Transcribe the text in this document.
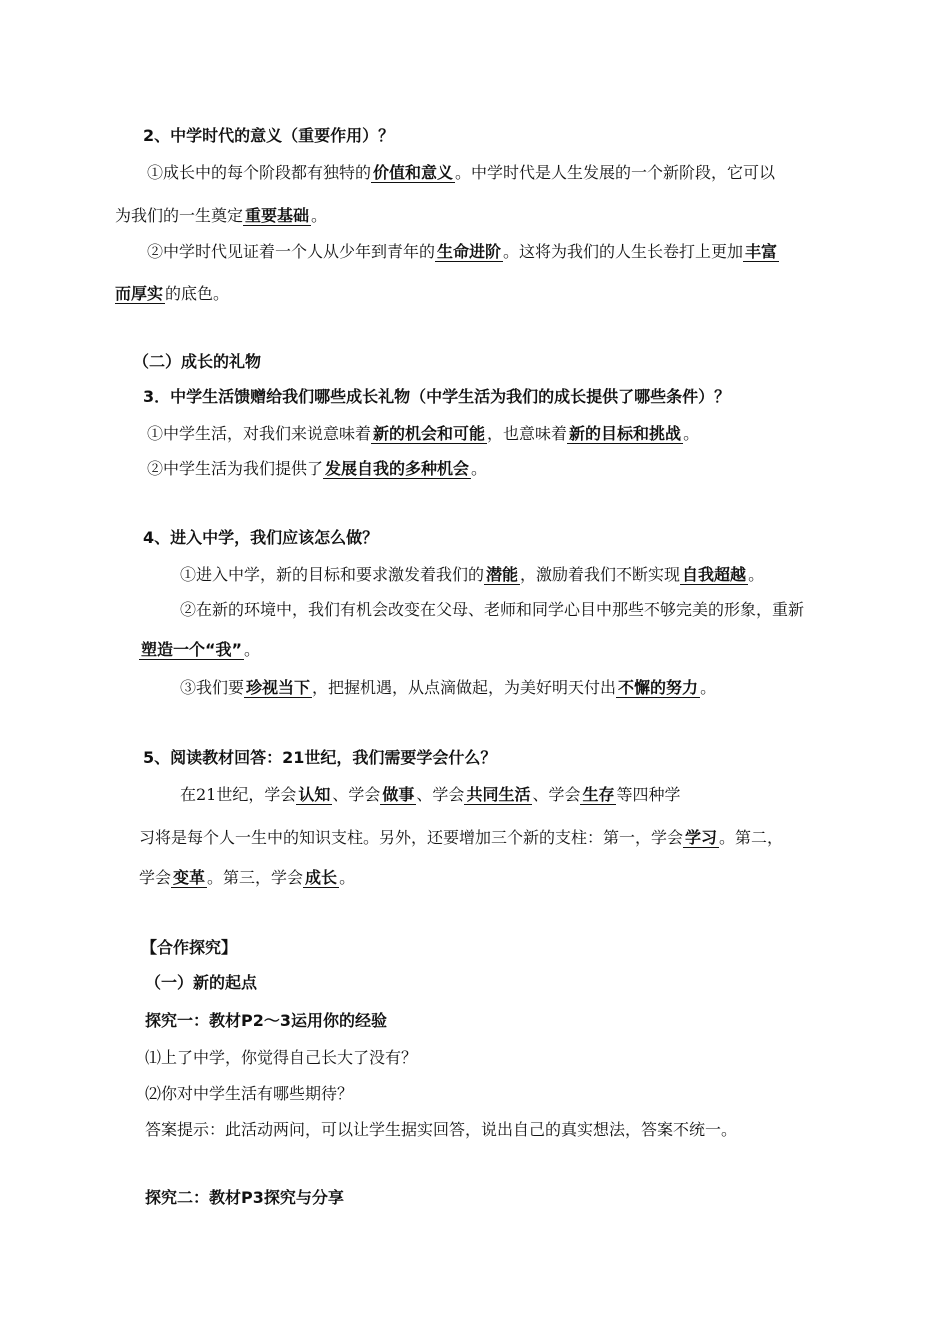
2、中学时代的意义（重要作用）？
①成长中的每个阶段都有独特的 价值和意义 。中学时代是人生发展的一个新阶段，它可以
为我们的一生奠定 重要基础 。
②中学时代见证着一个人从少年到青年的 生命进阶 。这将为我们的人生长卷打上更加 丰富
而厚实 的底色。
（二）成长的礼物
3．中学生活馈赠给我们哪些成长礼物（中学生活为我们的成长提供了哪些条件）？
①中学生活，对我们来说意味着 新的机会和可能 ，也意味着 新的目标和挑战 。
②中学生活为我们提供了 发展自我的多种机会 。
4、进入中学，我们应该怎么做？
①进入中学，新的目标和要求激发着我们的 潜能 ，激励着我们不断实现 自我超越 。
②在新的环境中，我们有机会改变在父母、老师和同学心目中那些不够完美的形象，重新
塑造一个“我” 。
③我们要 珍视当下 ，把握机遇，从点滴做起，为美好明天付出 不懈的努力 。
5、阅读教材回答：21世纪，我们需要学会什么？
在21世纪，学会 认知 、学会 做事 、学会 共同生活 、学会 生存 等四种学
习将是每个人一生中的知识支柱。另外，还要增加三个新的支柱：第一，学会 学习 。第二，
学会 变革 。第三，学会 成长 。
【合作探究】
（一）新的起点
探究一：教材P2～3运用你的经验
⑴上了中学，你觉得自己长大了没有？
⑵你对中学生活有哪些期待？
答案提示：此活动两问，可以让学生据实回答，说出自己的真实想法，答案不统一。
探究二：教材P3探究与分享
